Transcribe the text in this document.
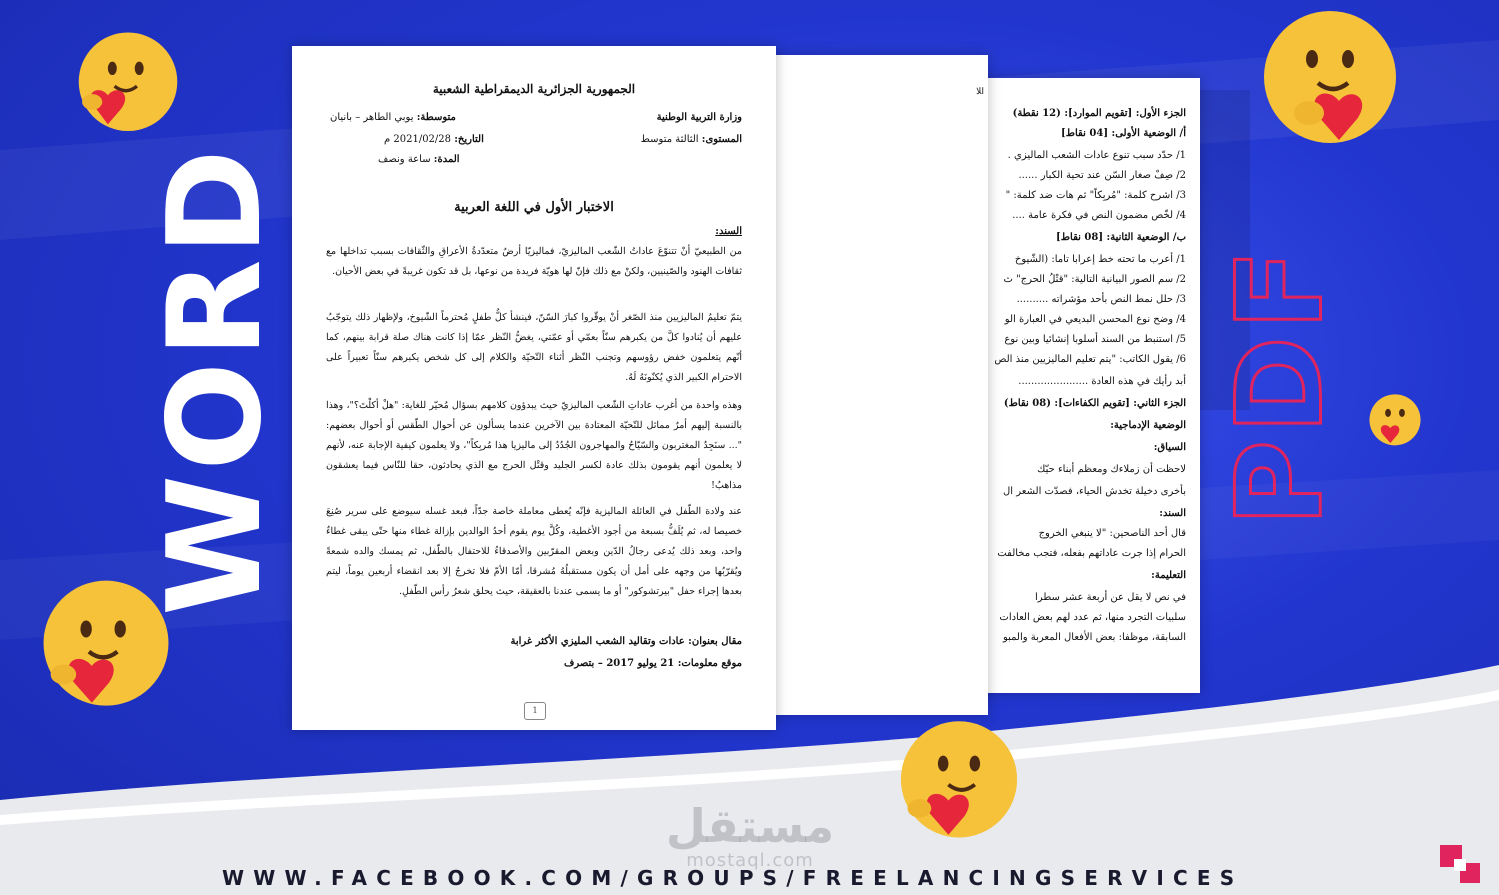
WORD	PDF
الجزء الأول: [تقويم الموارد]: (12 نقطة)
أ/ الوضعية الأولى: [04 نقاط]
1/ حدّد سبب تنوع عادات الشعب الماليزي .
2/ صِفْ صغار السّن عند تحية الكبار ......
3/ اشرح كلمة: "مُربِكاً" ثم هات ضد كلمة: "
4/ لخّص مضمون النص في فكرة عامة ....
ب/ الوضعية الثانية: [08 نقاط]
1/ أعرب ما تحته خط إعرابا تاما: (الشّيوخ
2/ سم الصور البيانية التالية: "قتْلُ الحرج" ث
3/ حلل نمط النص بأحد مؤشراته ..........
4/ وضح نوع المحسن البديعي في العبارة الو
5/ استنبط من السند أسلوبا إنشائيا وبين نوع
6/ يقول الكاتب: "يتم تعليم الماليزيين منذ الص
أبد رأيك في هذه العادة ......................
الجزء الثاني: [تقويم الكفاءات]: (08 نقاط)
الوضعية الإدماجية:
السياق:
لاحظت أن زملاءك ومعظم أبناء حيّك
بأخرى دخيلة تخدش الحياء، فصدّت الشعر ال
السند:
قال أحد الناصحين: "لا ينبغي الخروج
الحرام إذا جرت عاداتهم بفعله، فتجب مخالفت
التعليمة:
في نص لا يقل عن أربعة عشر سطرا
سلبيات التجرد منها، ثم عدد لهم بعض العادات
السابقة، موظفا: بعض الأفعال المعربة والمبو
ا‍‍لا
الجمهورية الجزائرية الديمقراطية الشعبية
وزارة التربية الوطنية
المستوى: الثالثة متوسط
متوسطة: يوبي الطاهر – بانيان
التاريخ: 2021/02/28 م
المدة: ساعة ونصف
الاختبار الأول في اللغة العربية
السند:
من الطبيعيّ أنْ تتنوّعَ عاداتُ الشّعب الماليزيّ، فماليزيّا أرضٌ متعدّدةُ الأعراقِ والثّقافات بسبب تداخلها مع ثقافات الهنود والصّينيين، ولكنْ مع ذلك فإنّ لها هويّة فريدة من نوعها، بل قد تكون غريبةً في بعض الأحيان.
يتمّ تعليمُ الماليزيين منذ الصّغر أنْ يوقّروا كبارَ السّنّ، فينشأ كلُّ طفلٍ مُحترماً الشّيوخ، ولإظهار ذلك يتوجّبُ عليهم أن يُنادوا كلَّ من يكبرهم سنّاً بعمّي أو عمّتي، يغضُّ النّظر عمّا إذا كانت هناك صلة قرابة بينهم، كما أنّهم يتعلمون خفض رؤوسهم وتجنب النّظر أثناء التّحيّة والكلام إلى كل شخص يكبرهم سنّاً تعبيراً على الاحترام الكبير الذي يُكنّونَهُ لَهُ.
وهذه واحدة من أغرب عاداتِ الشّعب الماليزيّ حيث يبدؤون كلامهم بسؤال مُحيّر للغاية: "هلْ أكلْتَ؟"، وهذا بالنسبة إليهم أمرٌ مماثل للتّحيّة المعتادة بين الآخرين عندما يسألون عن أحوال الطّقس أو أحوال بعضهم: "... سنَجِدُ المغتربون والسّيّاحُ والمهاجرون الجُدُدُ إلى ماليزيا هذا مُربِكاً"، ولا يعلمون كيفية الإجابة عنه، لأنهم لا يعلمون أنهم يقومون بذلك عادة لكسر الجليد وقتْل الحرج مع الذي يحادثون، حقا للنّاس فيما يعشقون مذاهبُ!
عند ولادة الطّفل في العائلة الماليزية فإنّه يُعطى معاملة خاصة جدّاً، فبعد غسله سيوضع على سرير صُنِعَ خصيصا له، ثم يُلَفُّ بسبعة من أجود الأغطية، وكُلَّ يوم يقوم أحدُ الوالدين بإزالة غطاء منها حتّى يبقى غطاءٌ واحد، وبعد ذلك يُدعى رجالُ الدّين وبعض المقرّبين والأصدقاءُ للاحتفال بالطّفل، ثم يمسك والده شمعةً ويُقرّبُها من وجهه على أمل أن يكون مستقبلُهُ مُشرقا، أمّا الأمّ فلا تخرجُ إلا بعد انقضاء أربعين يوماً، ليتم بعدها إجراء حفل "بيرتشوكور" أو ما يسمى عندنا بالعقيقة، حيث يحلق شعرُ رأس الطّفلِ.
مقال بعنوان: عادات وتقاليد الشعب المليزي الأكثر غرابة
موقع معلومات: 21 يوليو 2017 – بتصرف
1
مستقل
mostaql.com
WWW.FACEBOOK.COM/GROUPS/FREELANCINGSERVICES
